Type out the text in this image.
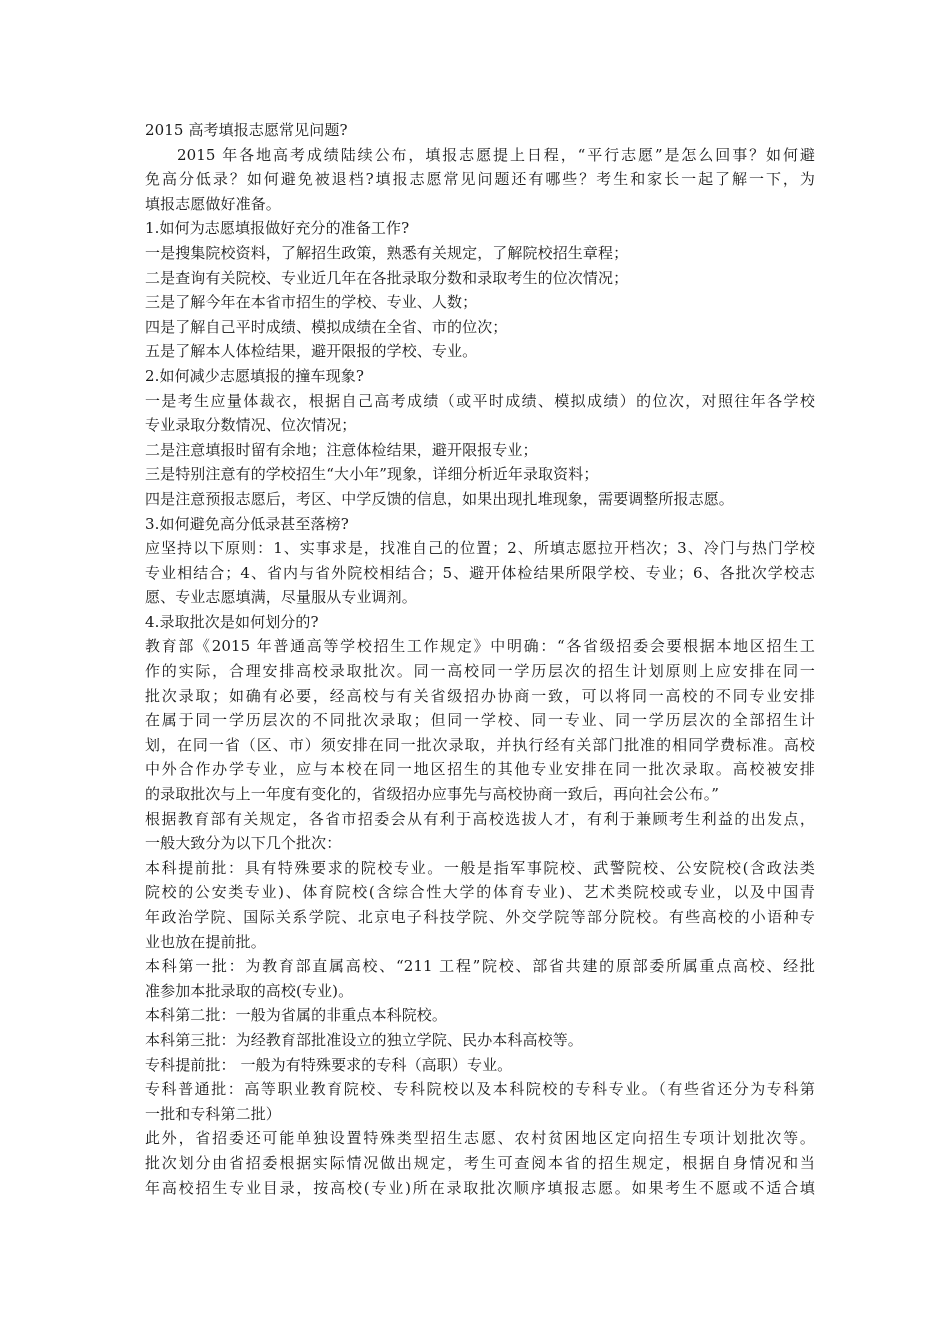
2015 高考填报志愿常见问题?
2015 年各地高考成绩陆续公布，填报志愿提上日程，“平行志愿”是怎么回事？如何避
免高分低录？如何避免被退档?填报志愿常见问题还有哪些？考生和家长一起了解一下，为
填报志愿做好准备。
1.如何为志愿填报做好充分的准备工作?
一是搜集院校资料，了解招生政策，熟悉有关规定，了解院校招生章程；
二是查询有关院校、专业近几年在各批录取分数和录取考生的位次情况；
三是了解今年在本省市招生的学校、专业、人数；
四是了解自己平时成绩、模拟成绩在全省、市的位次；
五是了解本人体检结果，避开限报的学校、专业。
2.如何减少志愿填报的撞车现象?
一是考生应量体裁衣，根据自己高考成绩（或平时成绩、模拟成绩）的位次，对照往年各学校
专业录取分数情况、位次情况；
二是注意填报时留有余地；注意体检结果，避开限报专业；
三是特别注意有的学校招生“大小年”现象，详细分析近年录取资料；
四是注意预报志愿后，考区、中学反馈的信息，如果出现扎堆现象，需要调整所报志愿。
3.如何避免高分低录甚至落榜?
应坚持以下原则：1、实事求是，找准自己的位置；2、所填志愿拉开档次；3、冷门与热门学校
专业相结合；4、省内与省外院校相结合；5、避开体检结果所限学校、专业；6、各批次学校志
愿、专业志愿填满，尽量服从专业调剂。
4.录取批次是如何划分的?
教育部《2015 年普通高等学校招生工作规定》中明确：“各省级招委会要根据本地区招生工
作的实际，合理安排高校录取批次。同一高校同一学历层次的招生计划原则上应安排在同一
批次录取；如确有必要，经高校与有关省级招办协商一致，可以将同一高校的不同专业安排
在属于同一学历层次的不同批次录取；但同一学校、同一专业、同一学历层次的全部招生计
划，在同一省（区、市）须安排在同一批次录取，并执行经有关部门批准的相同学费标准。高校
中外合作办学专业，应与本校在同一地区招生的其他专业安排在同一批次录取。高校被安排
的录取批次与上一年度有变化的，省级招办应事先与高校协商一致后，再向社会公布。”
根据教育部有关规定，各省市招委会从有利于高校选拔人才，有利于兼顾考生利益的出发点，
一般大致分为以下几个批次：
本科提前批：具有特殊要求的院校专业。一般是指军事院校、武警院校、公安院校(含政法类
院校的公安类专业)、体育院校(含综合性大学的体育专业)、艺术类院校或专业，以及中国青
年政治学院、国际关系学院、北京电子科技学院、外交学院等部分院校。有些高校的小语种专
业也放在提前批。
本科第一批：为教育部直属高校、“211 工程”院校、部省共建的原部委所属重点高校、经批
准参加本批录取的高校(专业)。
本科第二批：一般为省属的非重点本科院校。
本科第三批：为经教育部批准设立的独立学院、民办本科高校等。
专科提前批： 一般为有特殊要求的专科（高职）专业。
专科普通批：高等职业教育院校、专科院校以及本科院校的专科专业。（有些省还分为专科第
一批和专科第二批）
此外，省招委还可能单独设置特殊类型招生志愿、农村贫困地区定向招生专项计划批次等。
批次划分由省招委根据实际情况做出规定，考生可查阅本省的招生规定，根据自身情况和当
年高校招生专业目录，按高校(专业)所在录取批次顺序填报志愿。如果考生不愿或不适合填
